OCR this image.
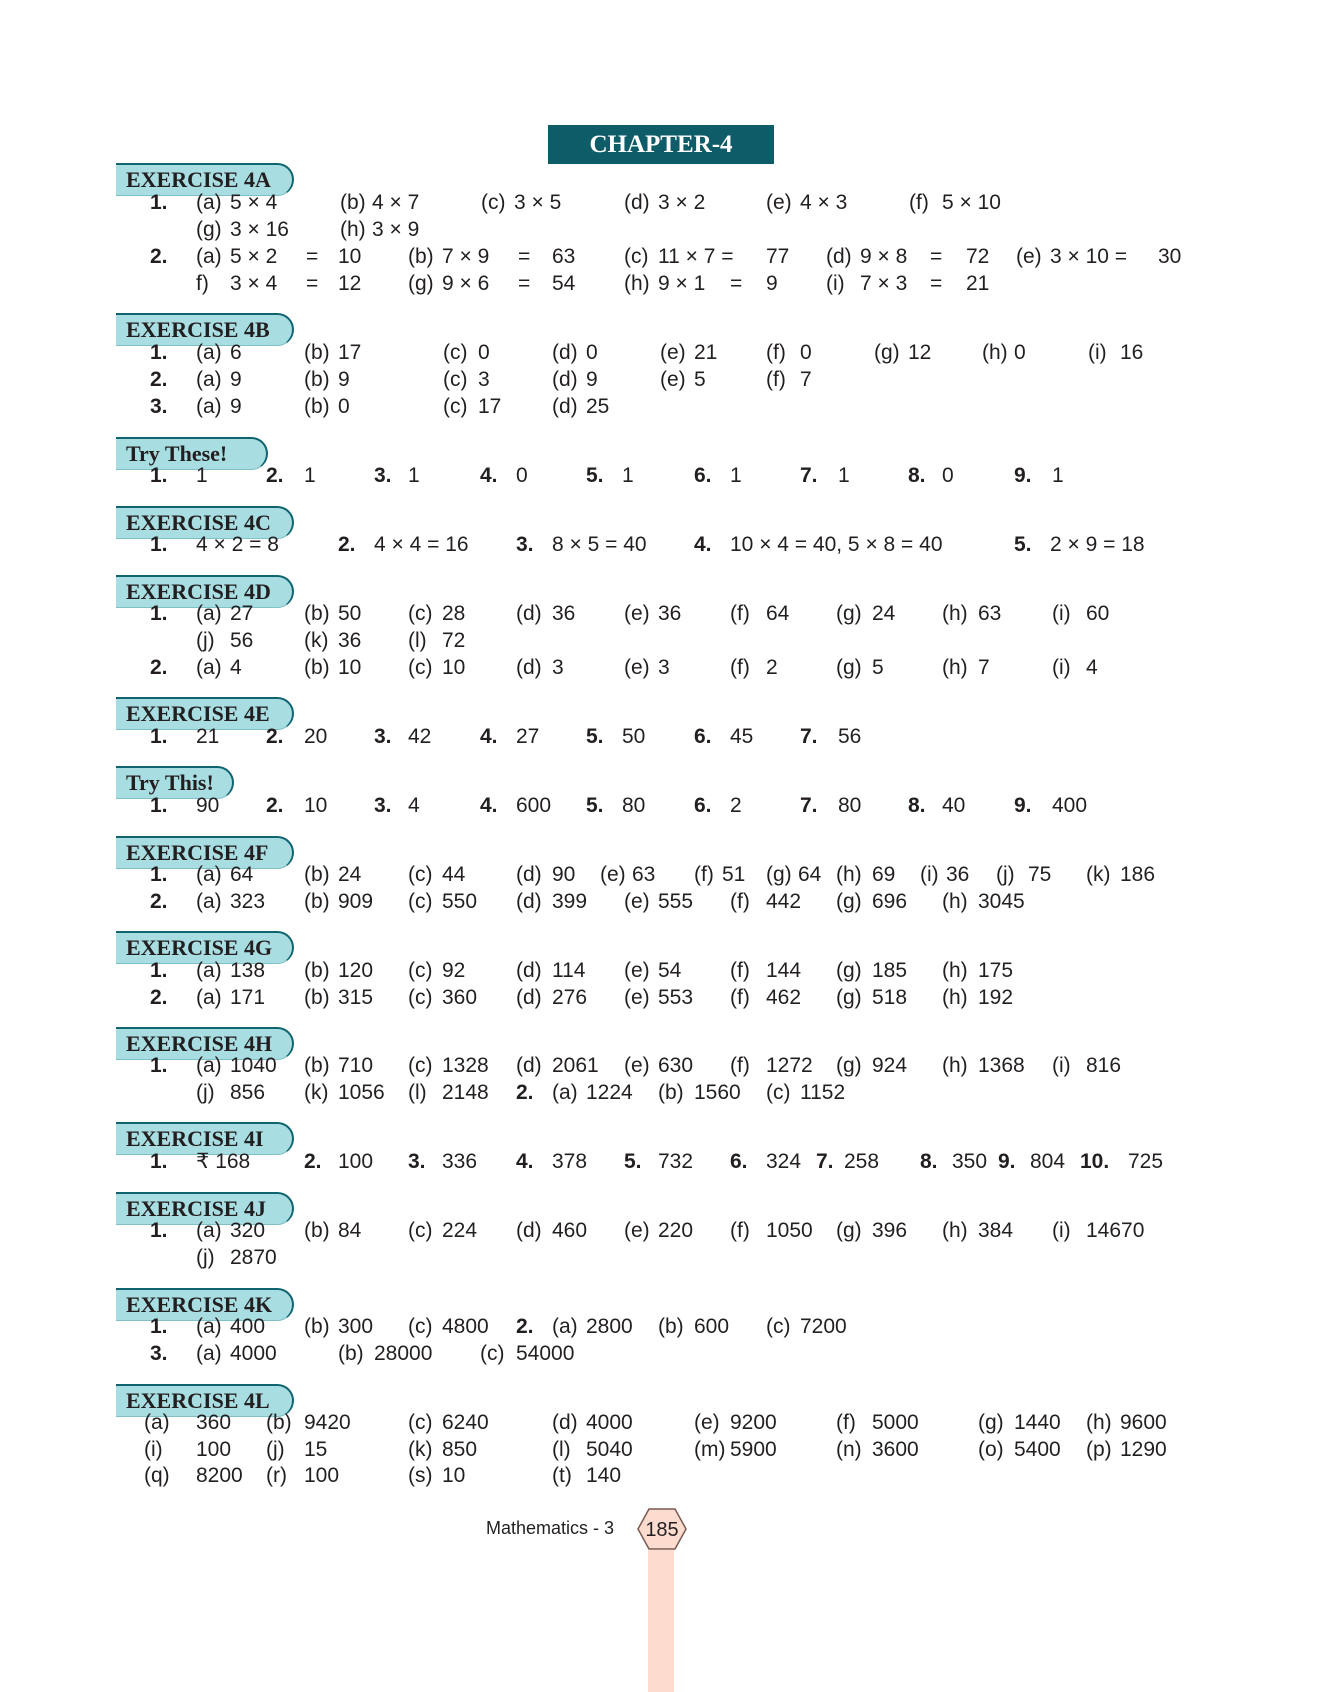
CHAPTER-4
EXERCISE 4A
1. (a) 5 × 4	(b) 4 × 7	(c) 3 × 5	(d) 3 × 2	(e) 4 × 3	(f) 5 × 10
(g) 3 × 16 (h) 3 × 9
2. (a) 5 × 2 = 10 (b) 7 × 9 = 63 (c) 11 × 7 = 77 (d) 9 × 8 = 72 (e) 3 × 10 = 30
f) 3 × 4 = 12 (g) 9 × 6 = 54 (h) 9 × 1 = 9 (i) 7 × 3 = 21
EXERCISE 4B
1. (a) 6	(b) 17	(c) 0	(d) 0	(e) 21 (f) 0	(g) 12 (h) 0	(i) 16
2. (a) 9	(b) 9	(c) 3	(d) 9	(e) 5	(f) 7
3. (a) 9	(b) 0	(c) 17 (d) 25
Try These!
1. 1	2. 1	3. 1	4. 0	5. 1	6. 1	7. 1	8. 0	9. 1
EXERCISE 4C
1. 4 × 2 = 8	2. 4 × 4 = 16 3. 8 × 5 = 40 4. 10 × 4 = 40, 5 × 8 = 40	5. 2 × 9 = 18
EXERCISE 4D
1. (a) 27 (b) 50 (c) 28 (d) 36 (e) 36 (f) 64 (g) 24 (h) 63 (i) 60
(j) 56 (k) 36 (l) 72
2. (a) 4	(b) 10 (c) 10 (d) 3	(e) 3	(f) 2	(g) 5	(h) 7	(i) 4
EXERCISE 4E
1. 21 2. 20 3. 42 4. 27 5. 50 6. 45 7. 56
Try This!
1. 90 2. 10 3. 4	4. 600 5. 80 6. 2	7. 80 8. 40 9. 400
EXERCISE 4F
1. (a) 64 (b) 24 (c) 44 (d) 90 (e) 63 (f) 51 (g) 64 (h) 69 (i) 36 (j) 75 (k) 186
2. (a) 323 (b) 909 (c) 550 (d) 399 (e) 555 (f) 442 (g) 696 (h) 3045
EXERCISE 4G
1. (a) 138 (b) 120 (c) 92 (d) 114 (e) 54 (f) 144 (g) 185 (h) 175
2. (a) 171 (b) 315 (c) 360 (d) 276 (e) 553 (f) 462 (g) 518 (h) 192
EXERCISE 4H
1. (a) 1040 (b) 710 (c) 1328 (d) 2061 (e) 630 (f) 1272 (g) 924 (h) 1368 (i) 816
(j) 856 (k) 1056 (l) 2148 2. (a) 1224 (b) 1560 (c) 1152
EXERCISE 4I
1. ₹ 168	2. 100 3. 336 4. 378 5. 732 6. 324 7. 258 8. 350 9. 804 10. 725
EXERCISE 4J
1. (a) 320 (b) 84 (c) 224 (d) 460 (e) 220 (f) 1050 (g) 396 (h) 384 (i) 14670
(j) 2870
EXERCISE 4K
1. (a) 400 (b) 300 (c) 4800 2. (a) 2800 (b) 600 (c) 7200
3. (a) 4000	(b) 28000 (c) 54000
EXERCISE 4L
(a) 360 (b) 9420	(c) 6240	(d) 4000	(e) 9200	(f) 5000	(g) 1440 (h) 9600
(i) 100 (j) 15	(k) 850	(l) 5040	(m) 5900	(n) 3600	(o) 5400 (p) 1290
(q) 8200 (r) 100	(s) 10	(t) 140
Mathematics - 3 185
